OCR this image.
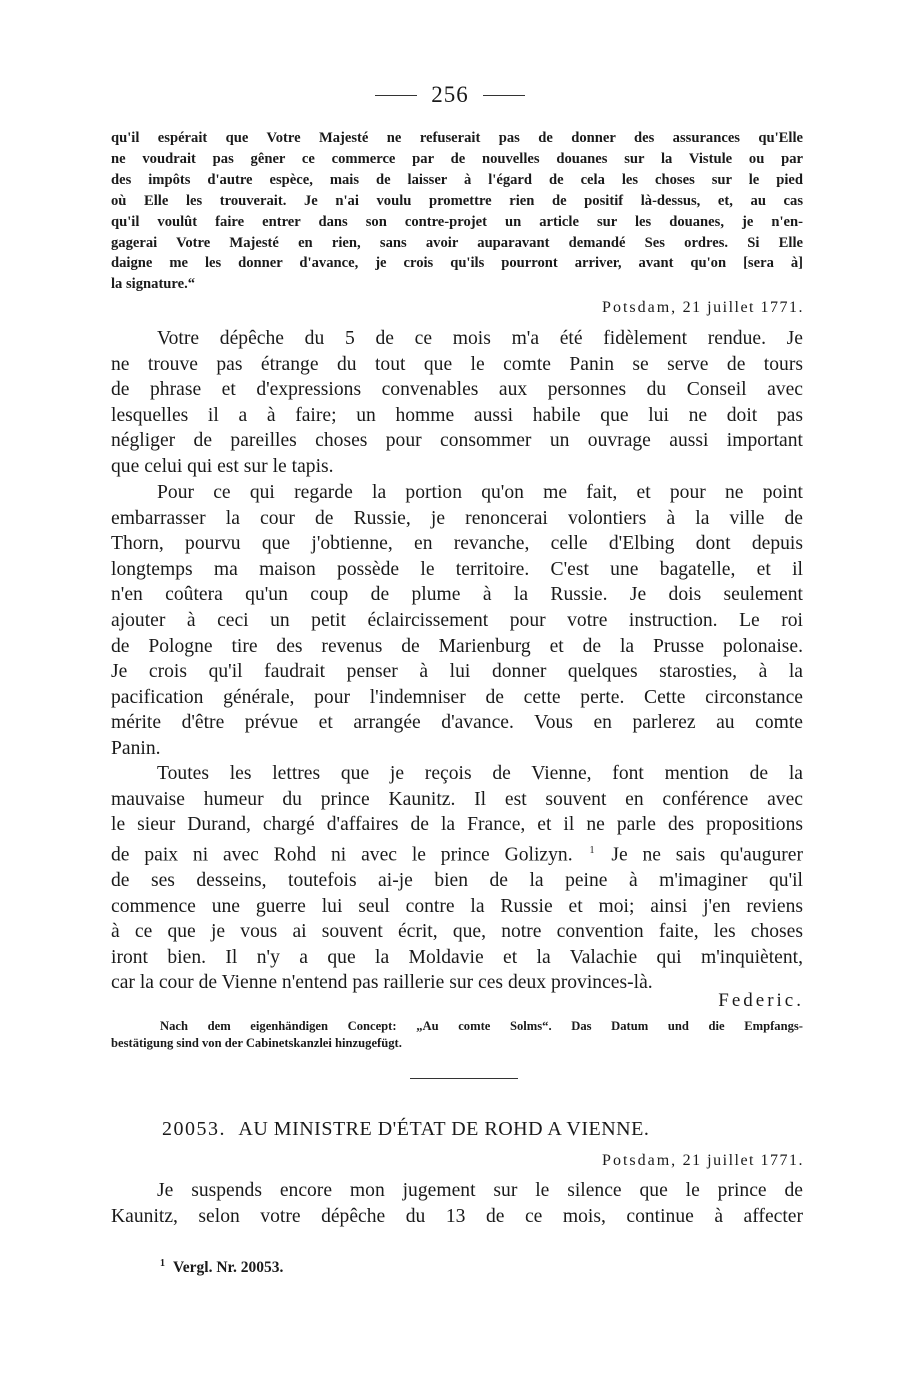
256
qu'il espérait que Votre Majesté ne refuserait pas de donner des assurances qu'Elle
ne voudrait pas gêner ce commerce par de nouvelles douanes sur la Vistule ou par
des impôts d'autre espèce, mais de laisser à l'égard de cela les choses sur le pied
où Elle les trouverait. Je n'ai voulu promettre rien de positif là-dessus, et, au cas
qu'il voulût faire entrer dans son contre-projet un article sur les douanes, je n'en-
gagerai Votre Majesté en rien, sans avoir auparavant demandé Ses ordres. Si Elle
daigne me les donner d'avance, je crois qu'ils pourront arriver, avant qu'on [sera à]
la signature.“
Potsdam, 21 juillet 1771.
Votre dépêche du 5 de ce mois m'a été fidèlement rendue. Je
ne trouve pas étrange du tout que le comte Panin se serve de tours
de phrase et d'expressions convenables aux personnes du Conseil avec
lesquelles il a à faire; un homme aussi habile que lui ne doit pas
négliger de pareilles choses pour consommer un ouvrage aussi important
que celui qui est sur le tapis.
Pour ce qui regarde la portion qu'on me fait, et pour ne point
embarrasser la cour de Russie, je renoncerai volontiers à la ville de
Thorn, pourvu que j'obtienne, en revanche, celle d'Elbing dont depuis
longtemps ma maison possède le territoire. C'est une bagatelle, et il
n'en coûtera qu'un coup de plume à la Russie. Je dois seulement
ajouter à ceci un petit éclaircissement pour votre instruction. Le roi
de Pologne tire des revenus de Marienburg et de la Prusse polonaise.
Je crois qu'il faudrait penser à lui donner quelques starosties, à la
pacification générale, pour l'indemniser de cette perte. Cette circonstance
mérite d'être prévue et arrangée d'avance. Vous en parlerez au comte
Panin.
Toutes les lettres que je reçois de Vienne, font mention de la
mauvaise humeur du prince Kaunitz. Il est souvent en conférence avec
le sieur Durand, chargé d'affaires de la France, et il ne parle des propositions
de paix ni avec Rohd ni avec le prince Golizyn. $^1$ Je ne sais qu'augurer
de ses desseins, toutefois ai-je bien de la peine à m'imaginer qu'il
commence une guerre lui seul contre la Russie et moi; ainsi j'en reviens
à ce que je vous ai souvent écrit, que, notre convention faite, les choses
iront bien. Il n'y a que la Moldavie et la Valachie qui m'inquiètent,
car la cour de Vienne n'entend pas raillerie sur ces deux provinces-là.
Federic.
Nach dem eigenhändigen Concept: „Au comte Solms“. Das Datum und die Empfangs-
bestätigung sind von der Cabinetskanzlei hinzugefügt.
20053. AU MINISTRE D'ÉTAT DE ROHD A VIENNE.
Potsdam, 21 juillet 1771.
Je suspends encore mon jugement sur le silence que le prince de
Kaunitz, selon votre dépêche du 13 de ce mois, continue à affecter
$^1$ Vergl. Nr. 20053.
